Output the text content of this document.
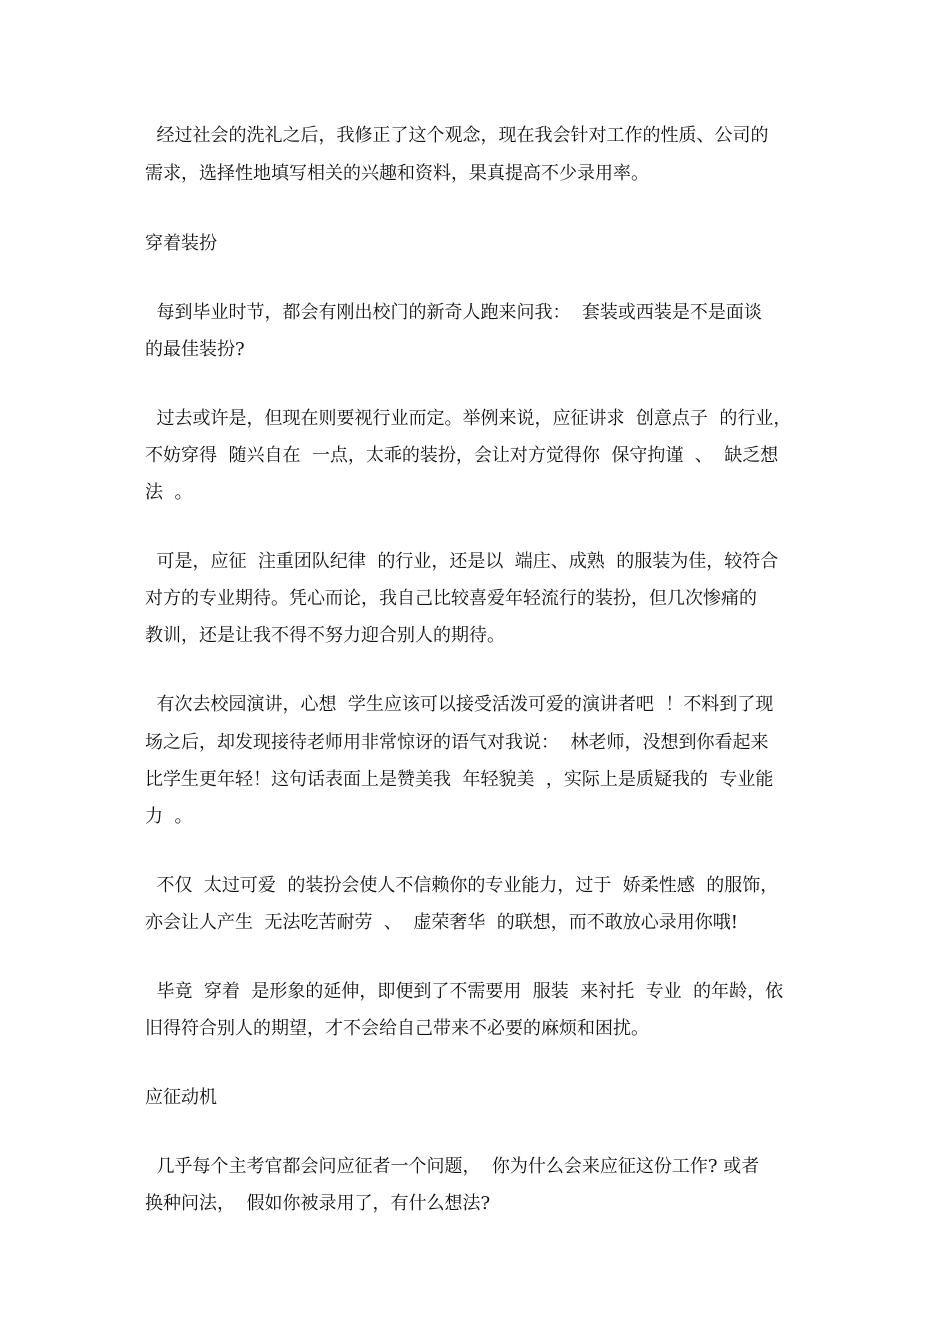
经过社会的洗礼之后，我修正了这个观念，现在我会针对工作的性质、公司的

需求，选择性地填写相关的兴趣和资料，果真提高不少录用率。

穿着装扮

每到毕业时节，都会有刚出校门的新奇人跑来问我：  套装或西装是不是面谈

的最佳装扮?

过去或许是，但现在则要视行业而定。举例来说，应征讲求  创意点子  的行业，

不妨穿得  随兴自在  一点，太乖的装扮，会让对方觉得你  保守拘谨  、  缺乏想

法  。

可是，应征  注重团队纪律  的行业，还是以  端庄、成熟  的服装为佳，较符合

对方的专业期待。凭心而论，我自己比较喜爱年轻流行的装扮，但几次惨痛的

教训，还是让我不得不努力迎合别人的期待。

有次去校园演讲，心想  学生应该可以接受活泼可爱的演讲者吧  ！不料到了现

场之后，却发现接待老师用非常惊讶的语气对我说：  林老师，没想到你看起来

比学生更年轻！这句话表面上是赞美我  年轻貌美  ，实际上是质疑我的  专业能

力  。

不仅  太过可爱  的装扮会使人不信赖你的专业能力，过于  娇柔性感  的服饰，

亦会让人产生  无法吃苦耐劳  、  虚荣奢华  的联想，而不敢放心录用你哦!

毕竟  穿着  是形象的延伸，即便到了不需要用  服装  来衬托  专业  的年龄，依

旧得符合别人的期望，才不会给自己带来不必要的麻烦和困扰。

应征动机

几乎每个主考官都会问应征者一个问题，  你为什么会来应征这份工作? 或者

换种问法，  假如你被录用了，有什么想法?
